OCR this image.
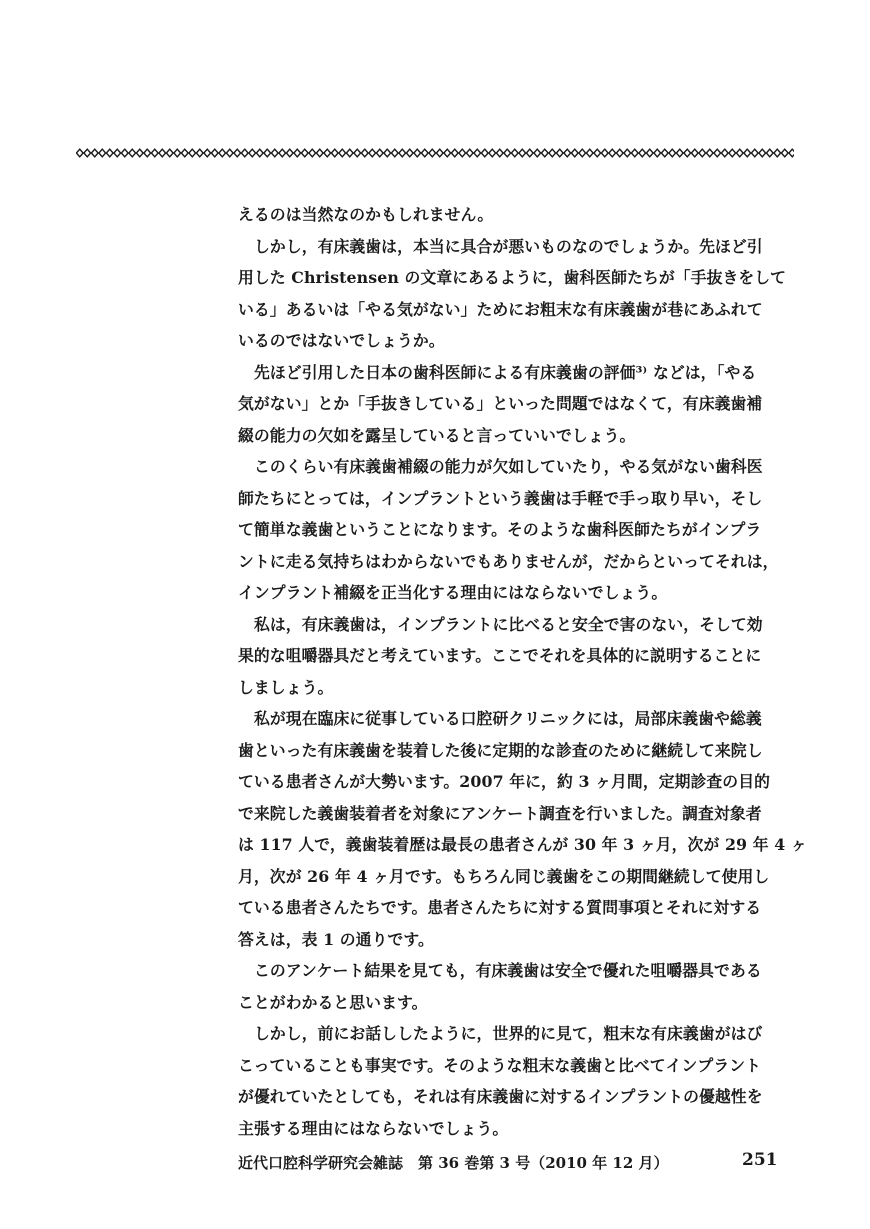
えるのは当然なのかもしれません。
しかし，有床義歯は，本当に具合が悪いものなのでしょうか。先ほど引
用した Christensen の文章にあるように，歯科医師たちが「手抜きをして
いる」あるいは「やる気がない」ためにお粗末な有床義歯が巷にあふれて
いるのではないでしょうか。
先ほど引用した日本の歯科医師による有床義歯の評価³⁾ などは，「やる
気がない」とか「手抜きしている」といった問題ではなくて，有床義歯補
綴の能力の欠如を露呈していると言っていいでしょう。
このくらい有床義歯補綴の能力が欠如していたり，やる気がない歯科医
師たちにとっては，インプラントという義歯は手軽で手っ取り早い，そし
て簡単な義歯ということになります。そのような歯科医師たちがインプラ
ントに走る気持ちはわからないでもありませんが，だからといってそれは，
インプラント補綴を正当化する理由にはならないでしょう。
私は，有床義歯は，インプラントに比べると安全で害のない，そして効
果的な咀嚼器具だと考えています。ここでそれを具体的に説明することに
しましょう。
私が現在臨床に従事している口腔研クリニックには，局部床義歯や総義
歯といった有床義歯を装着した後に定期的な診査のために継続して来院し
ている患者さんが大勢います。2007 年に，約 3 ヶ月間，定期診査の目的
で来院した義歯装着者を対象にアンケート調査を行いました。調査対象者
は 117 人で，義歯装着歴は最長の患者さんが 30 年 3 ヶ月，次が 29 年 4 ヶ
月，次が 26 年 4 ヶ月です。もちろん同じ義歯をこの期間継続して使用し
ている患者さんたちです。患者さんたちに対する質問事項とそれに対する
答えは，表 1 の通りです。
このアンケート結果を見ても，有床義歯は安全で優れた咀嚼器具である
ことがわかると思います。
しかし，前にお話ししたように，世界的に見て，粗末な有床義歯がはび
こっていることも事実です。そのような粗末な義歯と比べてインプラント
が優れていたとしても，それは有床義歯に対するインプラントの優越性を
主張する理由にはならないでしょう。
近代口腔科学研究会雑誌　第 36 巻第 3 号（2010 年 12 月）	251
